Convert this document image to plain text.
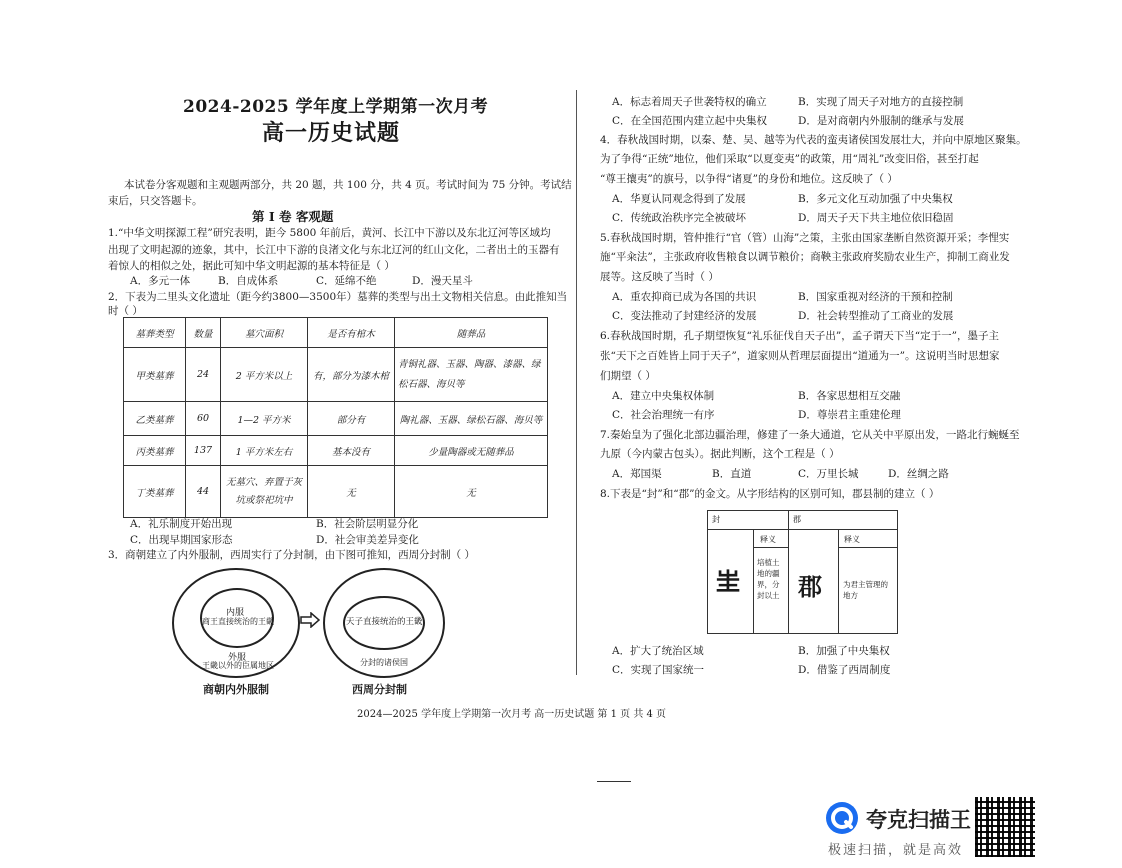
2024-2025 学年度上学期第一次月考
高一历史试题
本试卷分客观题和主观题两部分，共 20 题，共 100 分，共 4 页。考试时间为 75 分钟。考试结
束后，只交答题卡。
第 Ⅰ 卷 客观题
1.“中华文明探源工程”研究表明，距今 5800 年前后，黄河、长江中下游以及东北辽河等区域均
出现了文明起源的迹象，其中，长江中下游的良渚文化与东北辽河的红山文化，二者出土的玉器有
着惊人的相似之处，据此可知中华文明起源的基本特征是（ ）
A．多元一体	B．自成体系	C．延绵不绝	D．漫天星斗
2．下表为二里头文化遗址（距今约3800—3500年）墓葬的类型与出土文物相关信息。由此推知当
时（ ）
墓葬类型	数量	墓穴面积	是否有棺木	随葬品
甲类墓葬	24	2 平方米以上	有，部分为漆木棺	青铜礼器、玉器、陶器、漆器、绿松石器、海贝等
乙类墓葬	60	1—2 平方米	部分有	陶礼器、玉器、绿松石器、海贝等
丙类墓葬	137	1 平方米左右	基本没有	少量陶器或无随葬品
丁类墓葬	44	无墓穴、弃置于灰坑或祭祀坑中	无	无
A．礼乐制度开始出现	B．社会阶层明显分化
C．出现早期国家形态	D．社会审美差异变化
3．商朝建立了内外服制，西周实行了分封制，由下图可推知，西周分封制（ ）
内服
商王直接统治的王畿
外服
王畿以外的臣属地区
商朝内外服制
天子直接统治的王畿
分封的诸侯国
西周分封制
A．标志着周天子世袭特权的确立	B．实现了周天子对地方的直接控制
C．在全国范围内建立起中央集权	D．是对商朝内外服制的继承与发展
4．春秋战国时期，以秦、楚、吴、越等为代表的蛮夷诸侯国发展壮大，并向中原地区聚集。
为了争得“正统”地位，他们采取“以夏变夷”的政策，用“周礼”改变旧俗，甚至打起
“尊王攘夷”的旗号，以争得“诸夏”的身份和地位。这反映了（ ）
A．华夏认同观念得到了发展	B．多元文化互动加强了中央集权
C．传统政治秩序完全被破坏	D．周天子天下共主地位依旧稳固
5.春秋战国时期，管仲推行“官（管）山海”之策，主张由国家垄断自然资源开采；李悝实
施“平籴法”，主张政府收售粮食以调节粮价；商鞅主张政府奖励农业生产，抑制工商业发
展等。这反映了当时（ ）
A．重农抑商已成为各国的共识	B．国家重视对经济的干预和控制
C．变法推动了封建经济的发展	D．社会转型推动了工商业的发展
6.春秋战国时期，孔子期望恢复“礼乐征伐自天子出”，孟子谓天下当“定于一”，墨子主
张“天下之百姓皆上同于天子”，道家则从哲理层面提出“道通为一”。这说明当时思想家
们期望（ ）
A．建立中央集权体制	B．各家思想相互交融
C．社会治理统一有序	D．尊崇君主重建伦理
7.秦始皇为了强化北部边疆治理，修建了一条大通道，它从关中平原出发，一路北行蜿蜒至
九原（今内蒙古包头）。据此判断，这个工程是（ ）
A．郑国渠	B．直道	C．万里长城	D．丝绸之路
8.下表是“封”和“郡”的金文。从字形结构的区别可知，郡县制的建立（ ）
封	郡
释义	释义
𡉚 郡
培植土地的疆界，分封以土
为君主管理的地方
A．扩大了统治区域	B．加强了中央集权
C．实现了国家统一	D．借鉴了西周制度
2024—2025 学年度上学期第一次月考 高一历史试题 第 1 页 共 4 页
夸克扫描王
极速扫描，就是高效
